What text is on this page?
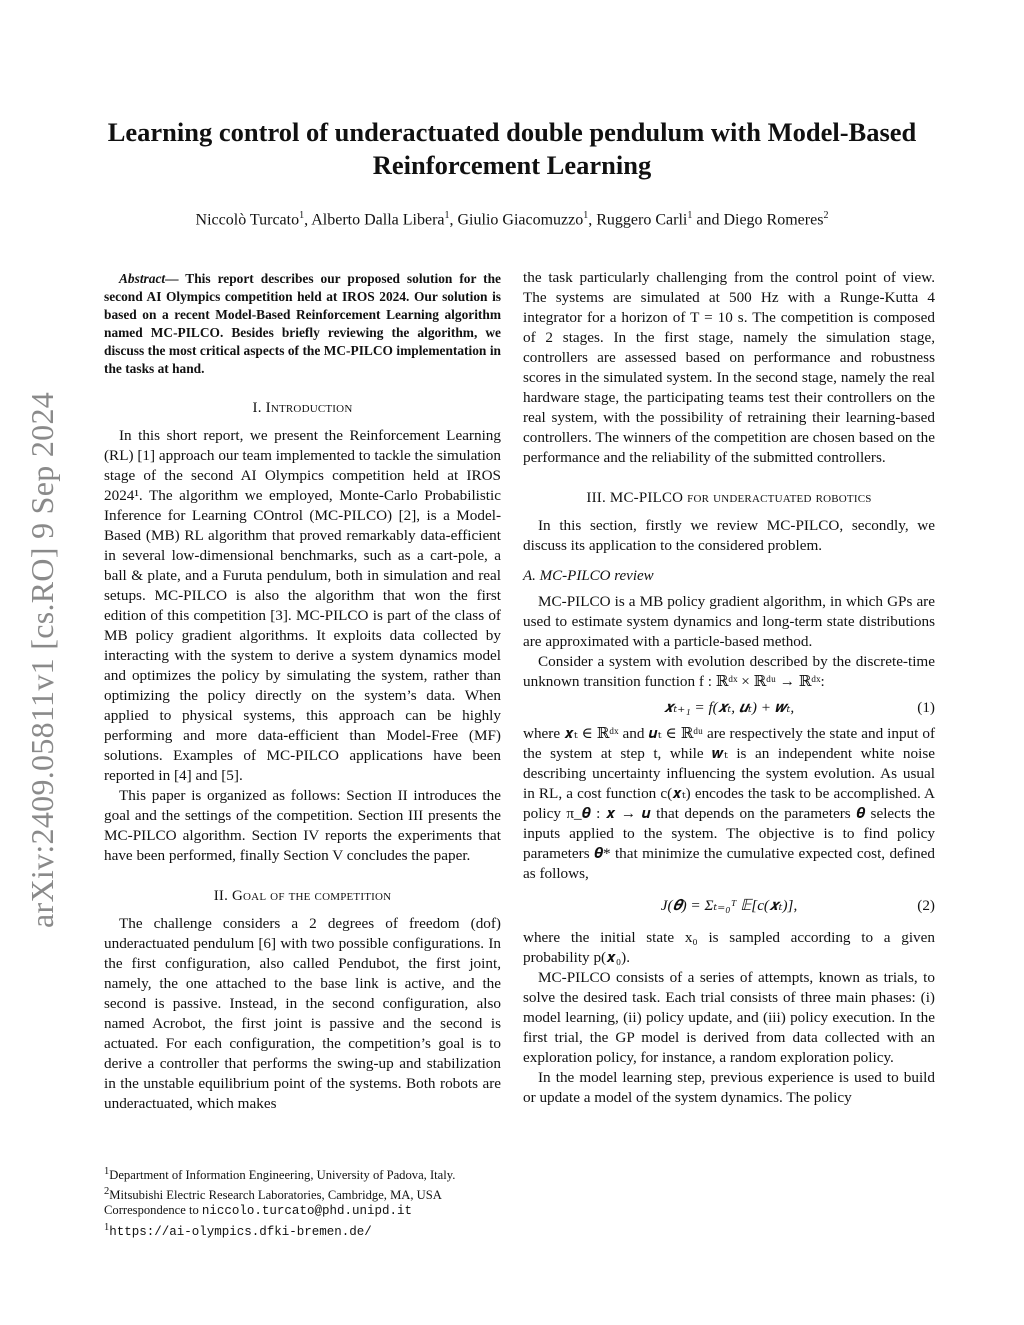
arXiv:2409.05811v1 [cs.RO] 9 Sep 2024
Learning control of underactuated double pendulum with Model-Based
Reinforcement Learning
Niccolò Turcato$^1$, Alberto Dalla Libera$^1$, Giulio Giacomuzzo$^1$, Ruggero Carli$^1$ and Diego Romeres$^2$
Abstract— This report describes our proposed solution for the second AI Olympics competition held at IROS 2024. Our solution is based on a recent Model-Based Reinforcement Learning algorithm named MC-PILCO. Besides briefly reviewing the algorithm, we discuss the most critical aspects of the MC-PILCO implementation in the tasks at hand.
I. Introduction

In this short report, we present the Reinforcement Learning (RL) [1] approach our team implemented to tackle the simulation stage of the second AI Olympics competition held at IROS 2024¹. The algorithm we employed, Monte-Carlo Probabilistic Inference for Learning COntrol (MC-PILCO) [2], is a Model-Based (MB) RL algorithm that proved remarkably data-efficient in several low-dimensional benchmarks, such as a cart-pole, a ball & plate, and a Furuta pendulum, both in simulation and real setups. MC-PILCO is also the algorithm that won the first edition of this competition [3]. MC-PILCO is part of the class of MB policy gradient algorithms. It exploits data collected by interacting with the system to derive a system dynamics model and optimizes the policy by simulating the system, rather than optimizing the policy directly on the system’s data. When applied to physical systems, this approach can be highly performing and more data-efficient than Model-Free (MF) solutions. Examples of MC-PILCO applications have been reported in [4] and [5].

This paper is organized as follows: Section II introduces the goal and the settings of the competition. Section III presents the MC-PILCO algorithm. Section IV reports the experiments that have been performed, finally Section V concludes the paper.

II. Goal of the competition

The challenge considers a 2 degrees of freedom (dof) underactuated pendulum [6] with two possible configurations. In the first configuration, also called Pendubot, the first joint, namely, the one attached to the base link is active, and the second is passive. Instead, in the second configuration, also named Acrobot, the first joint is passive and the second is actuated. For each configuration, the competition’s goal is to derive a controller that performs the swing-up and stabilization in the unstable equilibrium point of the systems. Both robots are underactuated, which makes

the task particularly challenging from the control point of view. The systems are simulated at 500 Hz with a Runge-Kutta 4 integrator for a horizon of T = 10 s. The competition is composed of 2 stages. In the first stage, namely the simulation stage, controllers are assessed based on performance and robustness scores in the simulated system. In the second stage, namely the real hardware stage, the participating teams test their controllers on the real system, with the possibility of retraining their learning-based controllers. The winners of the competition are chosen based on the performance and the reliability of the submitted controllers.

III. MC-PILCO for underactuated robotics

In this section, firstly we review MC-PILCO, secondly, we discuss its application to the considered problem.

A. MC-PILCO review

MC-PILCO is a MB policy gradient algorithm, in which GPs are used to estimate system dynamics and long-term state distributions are approximated with a particle-based method.

Consider a system with evolution described by the discrete-time unknown transition function f : ℝᵈˣ × ℝᵈᵘ → ℝᵈˣ:

𝒙ₜ₊₁ = f(𝒙ₜ, 𝒖ₜ) + 𝒘ₜ,	(1)

where 𝒙ₜ ∈ ℝᵈˣ and 𝒖ₜ ∈ ℝᵈᵘ are respectively the state and input of the system at step t, while 𝒘ₜ is an independent white noise describing uncertainty influencing the system evolution. As usual in RL, a cost function c(𝒙ₜ) encodes the task to be accomplished. A policy π_𝜽 : 𝒙 → 𝒖 that depends on the parameters 𝜽 selects the inputs applied to the system. The objective is to find policy parameters 𝜽* that minimize the cumulative expected cost, defined as follows,

J(𝜽) = Σₜ₌₀ᵀ 𝔼[c(𝒙ₜ)],	(2)

where the initial state x₀ is sampled according to a given probability p(𝒙₀).

MC-PILCO consists of a series of attempts, known as trials, to solve the desired task. Each trial consists of three main phases: (i) model learning, (ii) policy update, and (iii) policy execution. In the first trial, the GP model is derived from data collected with an exploration policy, for instance, a random exploration policy.

In the model learning step, previous experience is used to build or update a model of the system dynamics. The policy

$^1$Department of Information Engineering, University of Padova, Italy.
$^2$Mitsubishi Electric Research Laboratories, Cambridge, MA, USA
Correspondence to niccolo.turcato@phd.unipd.it
$^1$https://ai-olympics.dfki-bremen.de/
